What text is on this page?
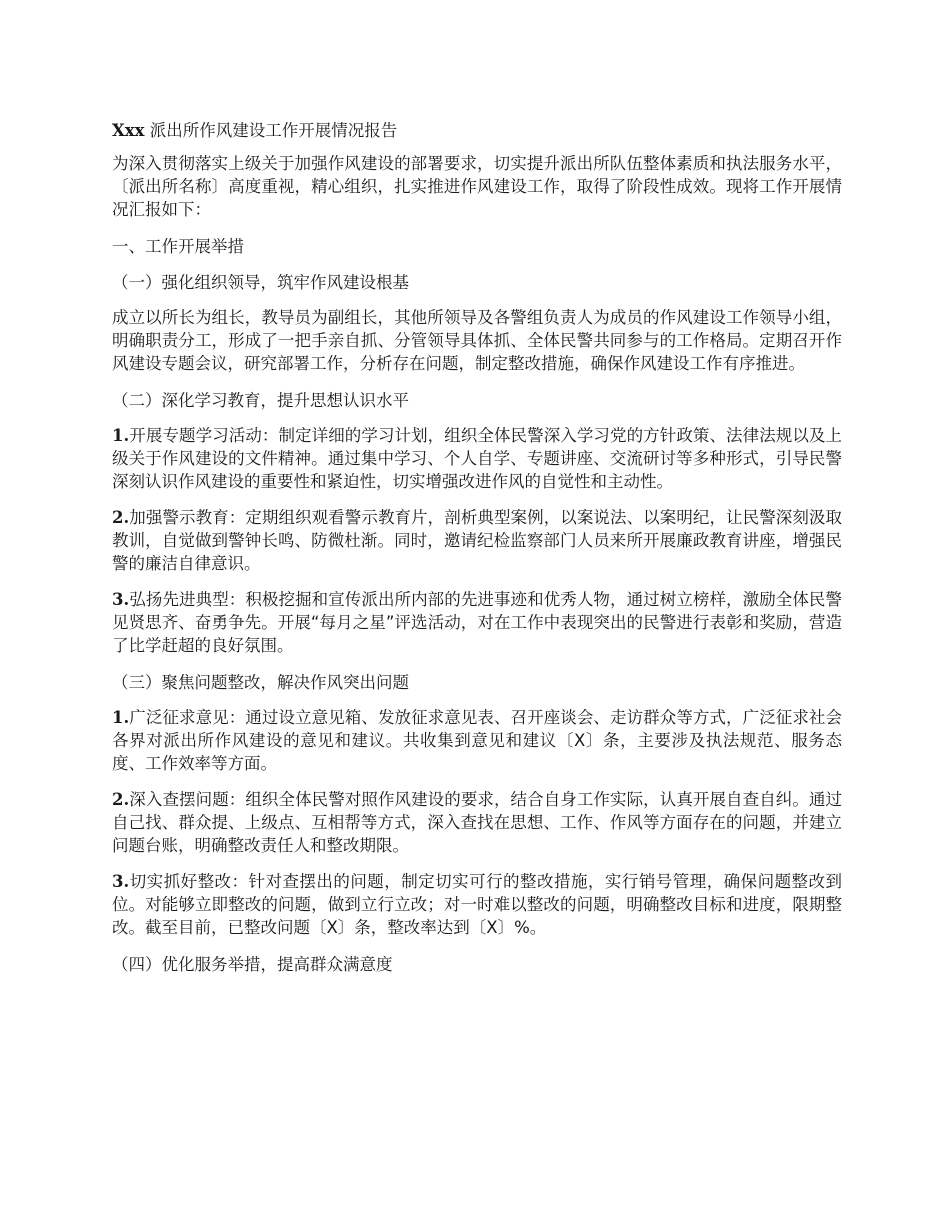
Xxx 派出所作风建设工作开展情况报告

为深入贯彻落实上级关于加强作风建设的部署要求，切实提升派出所队伍整体素质和执法服务水平，〔派出所名称〕高度重视，精心组织，扎实推进作风建设工作，取得了阶段性成效。现将工作开展情况汇报如下：

一、工作开展举措
（一）强化组织领导，筑牢作风建设根基

成立以所长为组长，教导员为副组长，其他所领导及各警组负责人为成员的作风建设工作领导小组，明确职责分工，形成了一把手亲自抓、分管领导具体抓、全体民警共同参与的工作格局。定期召开作风建设专题会议，研究部署工作，分析存在问题，制定整改措施，确保作风建设工作有序推进。

（二）深化学习教育，提升思想认识水平

1.开展专题学习活动：制定详细的学习计划，组织全体民警深入学习党的方针政策、法律法规以及上级关于作风建设的文件精神。通过集中学习、个人自学、专题讲座、交流研讨等多种形式，引导民警深刻认识作风建设的重要性和紧迫性，切实增强改进作风的自觉性和主动性。

2.加强警示教育：定期组织观看警示教育片，剖析典型案例，以案说法、以案明纪，让民警深刻汲取教训，自觉做到警钟长鸣、防微杜渐。同时，邀请纪检监察部门人员来所开展廉政教育讲座，增强民警的廉洁自律意识。

3.弘扬先进典型：积极挖掘和宣传派出所内部的先进事迹和优秀人物，通过树立榜样，激励全体民警见贤思齐、奋勇争先。开展“每月之星”评选活动，对在工作中表现突出的民警进行表彰和奖励，营造了比学赶超的良好氛围。

（三）聚焦问题整改，解决作风突出问题

1.广泛征求意见：通过设立意见箱、发放征求意见表、召开座谈会、走访群众等方式，广泛征求社会各界对派出所作风建设的意见和建议。共收集到意见和建议〔X〕条，主要涉及执法规范、服务态度、工作效率等方面。

2.深入查摆问题：组织全体民警对照作风建设的要求，结合自身工作实际，认真开展自查自纠。通过自己找、群众提、上级点、互相帮等方式，深入查找在思想、工作、作风等方面存在的问题，并建立问题台账，明确整改责任人和整改期限。

3.切实抓好整改：针对查摆出的问题，制定切实可行的整改措施，实行销号管理，确保问题整改到位。对能够立即整改的问题，做到立行立改；对一时难以整改的问题，明确整改目标和进度，限期整改。截至目前，已整改问题〔X〕条，整改率达到〔X〕%。

（四）优化服务举措，提高群众满意度
